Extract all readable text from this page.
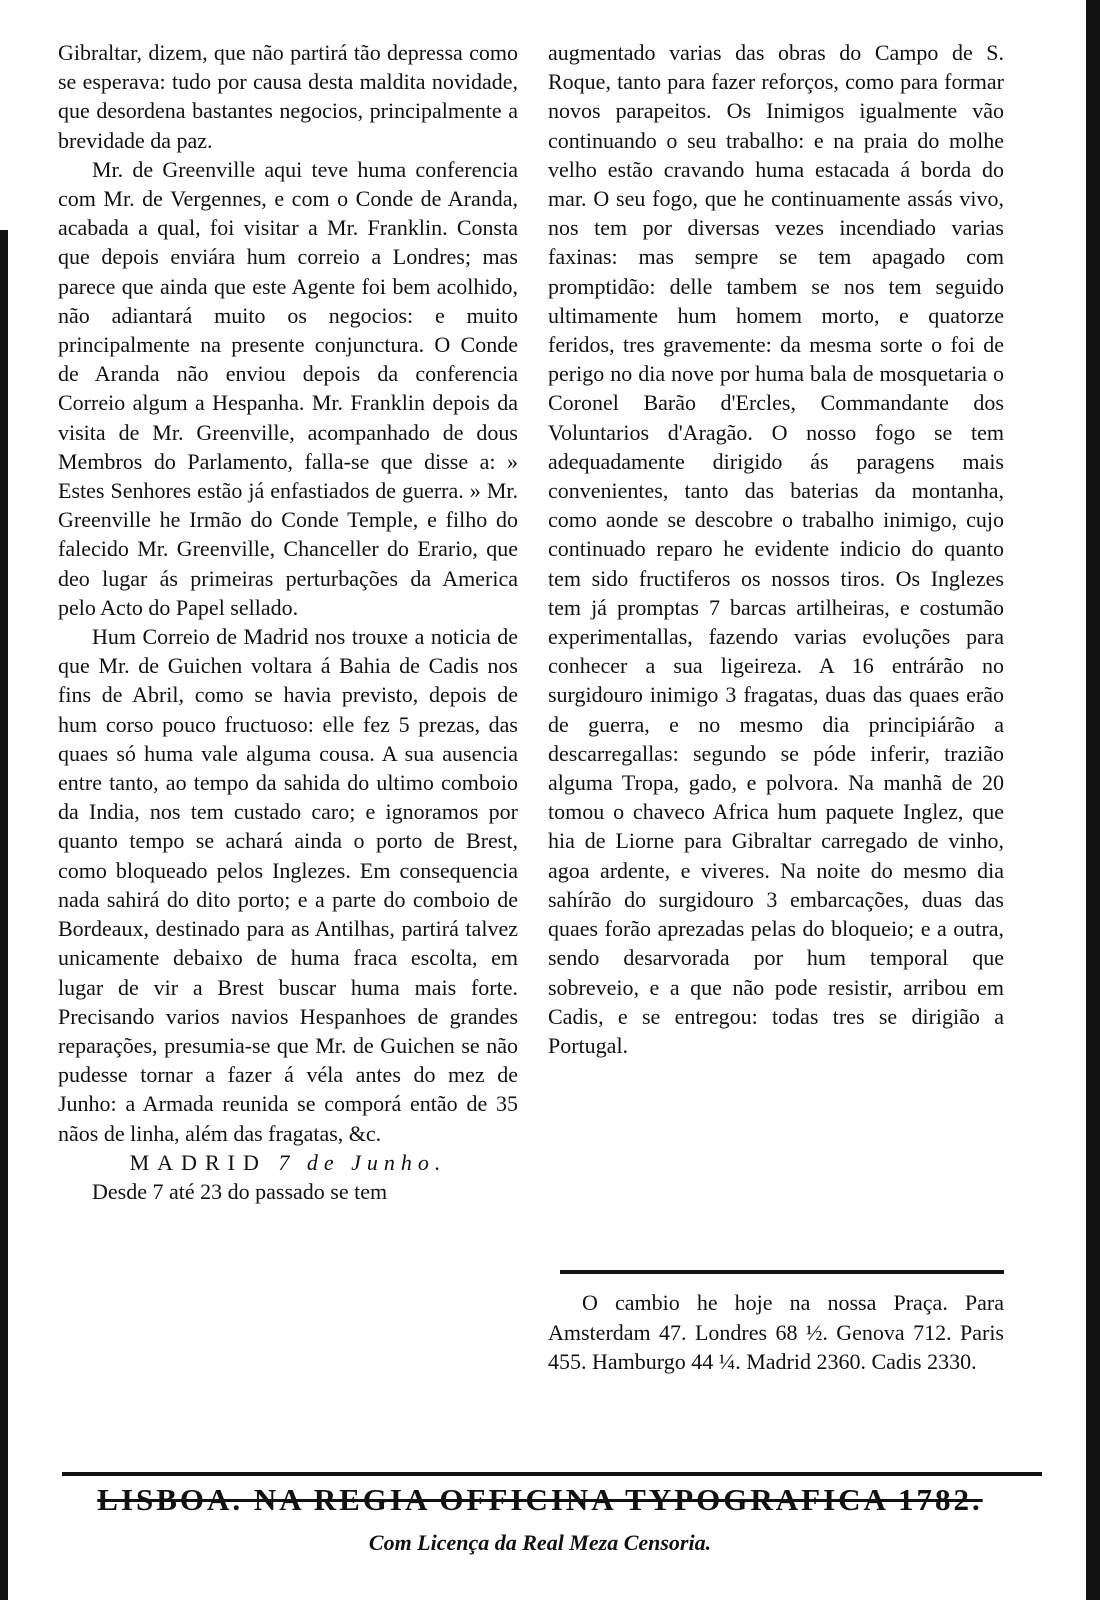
Gibraltar, dizem, que não partirá tão depressa como se esperava: tudo por causa desta maldita novidade, que desordena bastantes negocios, principalmente a brevidade da paz.

Mr. de Greenville aqui teve huma conferencia com Mr. de Vergennes, e com o Conde de Aranda, acabada a qual, foi visitar a Mr. Franklin. Consta que depois enviára hum correio a Londres; mas parece que ainda que este Agente foi bem acolhido, não adiantará muito os negocios: e muito principalmente na presente conjunctura. O Conde de Aranda não enviou depois da conferencia Correio algum a Hespanha. Mr. Franklin depois da visita de Mr. Greenville, acompanhado de dous Membros do Parlamento, falla-se que disse a: » Estes Senhores estão já enfastiados de guerra. » Mr. Greenville he Irmão do Conde Temple, e filho do falecido Mr. Greenville, Chanceller do Erario, que deo lugar ás primeiras perturbações da America pelo Acto do Papel sellado.

Hum Correio de Madrid nos trouxe a noticia de que Mr. de Guichen voltara á Bahia de Cadis nos fins de Abril, como se havia previsto, depois de hum corso pouco fructuoso: elle fez 5 prezas, das quaes só huma vale alguma cousa. A sua ausencia entre tanto, ao tempo da sahida do ultimo comboio da India, nos tem custado caro; e ignoramos por quanto tempo se achará ainda o porto de Brest, como bloqueado pelos Inglezes. Em consequencia nada sahirá do dito porto; e a parte do comboio de Bordeaux, destinado para as Antilhas, partirá talvez unicamente debaixo de huma fraca escolta, em lugar de vir a Brest buscar huma mais forte. Precisando varios navios Hespanhoes de grandes reparações, presumia-se que Mr. de Guichen se não pudesse tornar a fazer á véla antes do mez de Junho: a Armada reunida se comporá então de 35 nãos de linha, além das fragatas, &c.

MADRID 7 de Junho.

Desde 7 até 23 do passado se tem

augmentado varias das obras do Campo de S. Roque, tanto para fazer reforços, como para formar novos parapeitos. Os Inimigos igualmente vão continuando o seu trabalho: e na praia do molhe velho estão cravando huma estacada á borda do mar. O seu fogo, que he continuamente assás vivo, nos tem por diversas vezes incendiado varias faxinas: mas sempre se tem apagado com promptidão: delle tambem se nos tem seguido ultimamente hum homem morto, e quatorze feridos, tres gravemente: da mesma sorte o foi de perigo no dia nove por huma bala de mosquetaria o Coronel Barão d'Ercles, Commandante dos Voluntarios d'Aragão. O nosso fogo se tem adequadamente dirigido ás paragens mais convenientes, tanto das baterias da montanha, como aonde se descobre o trabalho inimigo, cujo continuado reparo he evidente indicio do quanto tem sido fructiferos os nossos tiros. Os Inglezes tem já promptas 7 barcas artilheiras, e costumão experimentallas, fazendo varias evoluções para conhecer a sua ligeireza. A 16 entrárão no surgidouro inimigo 3 fragatas, duas das quaes erão de guerra, e no mesmo dia principiárão a descarregallas: segundo se póde inferir, trazião alguma Tropa, gado, e polvora. Na manhã de 20 tomou o chaveco Africa hum paquete Inglez, que hia de Liorne para Gibraltar carregado de vinho, agoa ardente, e viveres. Na noite do mesmo dia sahírão do surgidouro 3 embarcações, duas das quaes forão aprezadas pelas do bloqueio; e a outra, sendo desarvorada por hum temporal que sobreveio, e a que não pode resistir, arribou em Cadis, e se entregou: todas tres se dirigião a Portugal.

O cambio he hoje na nossa Praça. Para Amsterdam 47. Londres 68 ½. Genova 712. Paris 455. Hamburgo 44 ¼. Madrid 2360. Cadis 2330.

LISBOA. NA REGIA OFFICINA TYPOGRAFICA 1782.
Com Licença da Real Meza Censoria.
